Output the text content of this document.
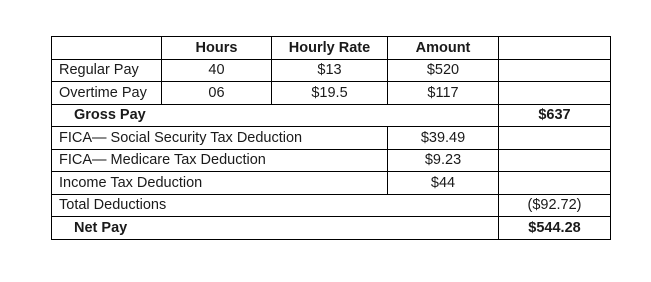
	Hours	Hourly Rate	Amount	
Regular Pay	40	$13	$520	
Overtime Pay	06	$19.5	$117	
Gross Pay				$637
FICA— Social Security Tax Deduction			$39.49	
FICA— Medicare Tax Deduction			$9.23	
Income Tax Deduction			$44	
Total Deductions				($92.72)
Net Pay				$544.28
